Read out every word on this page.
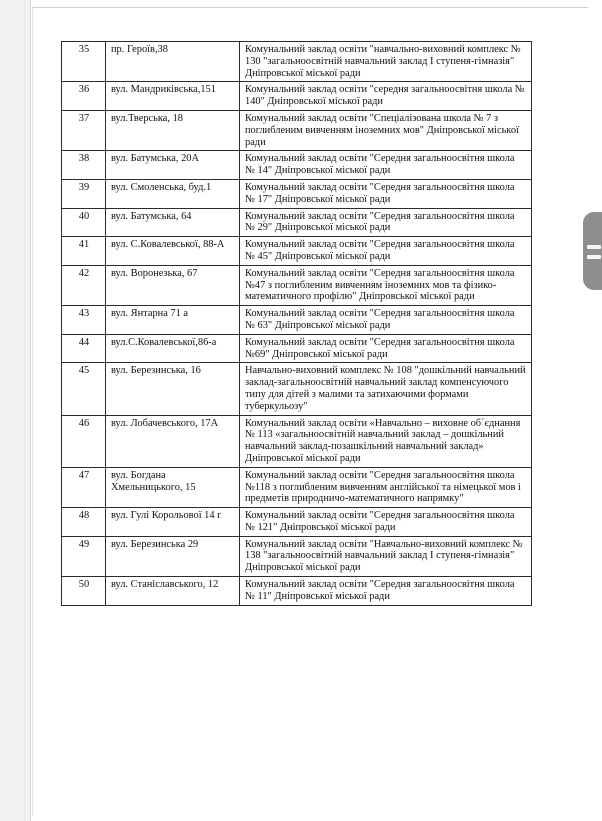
35	пр. Героїв,38	Комунальний заклад освіти "навчально-виховний комплекс № 130 "загальноосвітній навчальний заклад І ступеня-гімназія" Дніпровської міської ради
36	вул. Мандриківська,151	Комунальний заклад освіти "середня загальноосвітня школа № 140" Дніпровської міської ради
37	вул.Тверська, 18	Комунальний заклад освіти "Спеціалізована школа № 7 з поглибленим вивченням іноземних мов" Дніпровської міської ради
38	вул. Батумська, 20А	Комунальний заклад освіти "Середня загальноосвітня школа № 14" Дніпровської міської ради
39	вул. Смоленська, буд.1	Комунальний заклад освіти "Середня загальноосвітня школа № 17" Дніпровської міської ради
40	вул. Батумська, 64	Комунальний заклад освіти "Середня загальноосвітня школа № 29" Дніпровської міської ради
41	вул. С.Ковалевської, 88-А	Комунальний заклад освіти "Середня загальноосвітня школа № 45" Дніпровської міської ради
42	вул. Воронезька, 67	Комунальний заклад освіти "Середня загальноосвітня школа №47 з поглибленим вивченням іноземних мов та фізико-математичного профілю" Дніпровської міської ради
43	вул. Янтарна 71 а	Комунальний заклад освіти "Середня загальноосвітня школа № 63" Дніпровської міської ради
44	вул.С.Ковалевської,86-а	Комунальний заклад освіти "Середня загальноосвітня школа №69" Дніпровської міської ради
45	вул. Березинська, 16	Навчально-виховний комплекс № 108 "дошкільний навчальний заклад-загальноосвітній навчальний заклад компенсуючого типу для дітей з малими та затихаючими формами туберкульозу"
46	вул. Лобачевського, 17А	Комунальний заклад освіти «Навчально – виховне об´єднання № 113 «загальноосвітній навчальний заклад – дошкільний навчальний заклад-позашкільний навчальний заклад» Дніпровської міської ради
47	вул. Богдана Хмельницького, 15	Комунальний заклад освіти "Середня загальноосвітня школа №118 з поглибленим вивченням англійської та німецької мов і предметів природничо-математичного напрямку"
48	вул. Гулі Корольової 14 г	Комунальний заклад освіти "Середня загальноосвітня школа № 121" Дніпровської міської ради
49	вул. Березинська 29	Комунальний заклад освіти "Навчально-виховний комплекс № 138 "загальноосвітній навчальний заклад І ступеня-гімназія" Дніпровської міської ради
50	вул. Станіславського, 12	Комунальний заклад освіти "Середня загальноосвітня школа № 11" Дніпровської міської ради
